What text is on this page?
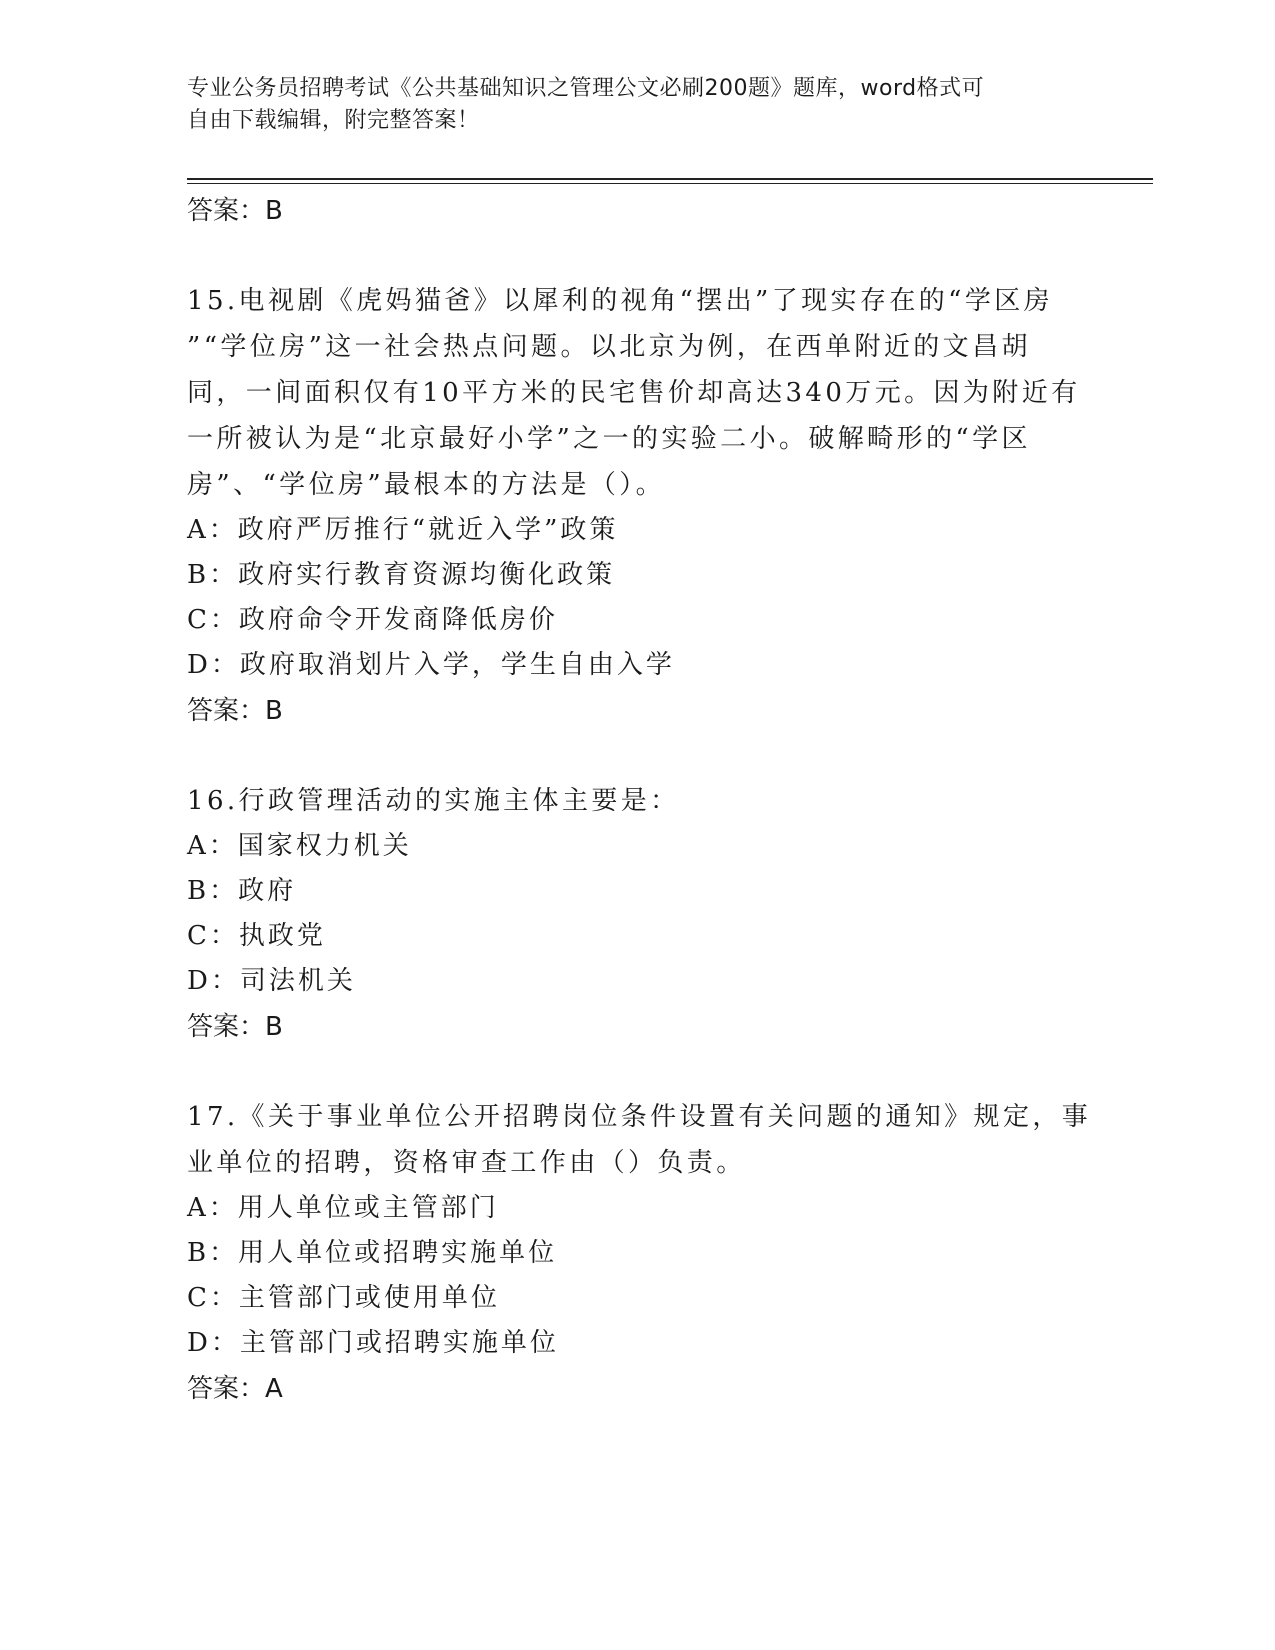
专业公务员招聘考试《公共基础知识之管理公文必刷200题》题库，word格式可
自由下载编辑，附完整答案！
答案：B
15.电视剧《虎妈猫爸》以犀利的视角“摆出”了现实存在的“学区房
”“学位房”这一社会热点问题。以北京为例，在西单附近的文昌胡
同，一间面积仅有10平方米的民宅售价却高达340万元。因为附近有
一所被认为是“北京最好小学”之一的实验二小。破解畸形的“学区
房”、“学位房”最根本的方法是（）。
A：政府严厉推行“就近入学”政策
B：政府实行教育资源均衡化政策
C：政府命令开发商降低房价
D：政府取消划片入学，学生自由入学
答案：B
16.行政管理活动的实施主体主要是：
A：国家权力机关
B：政府
C：执政党
D：司法机关
答案：B
17.《关于事业单位公开招聘岗位条件设置有关问题的通知》规定，事
业单位的招聘，资格审查工作由（）负责。
A：用人单位或主管部门
B：用人单位或招聘实施单位
C：主管部门或使用单位
D：主管部门或招聘实施单位
答案：A
